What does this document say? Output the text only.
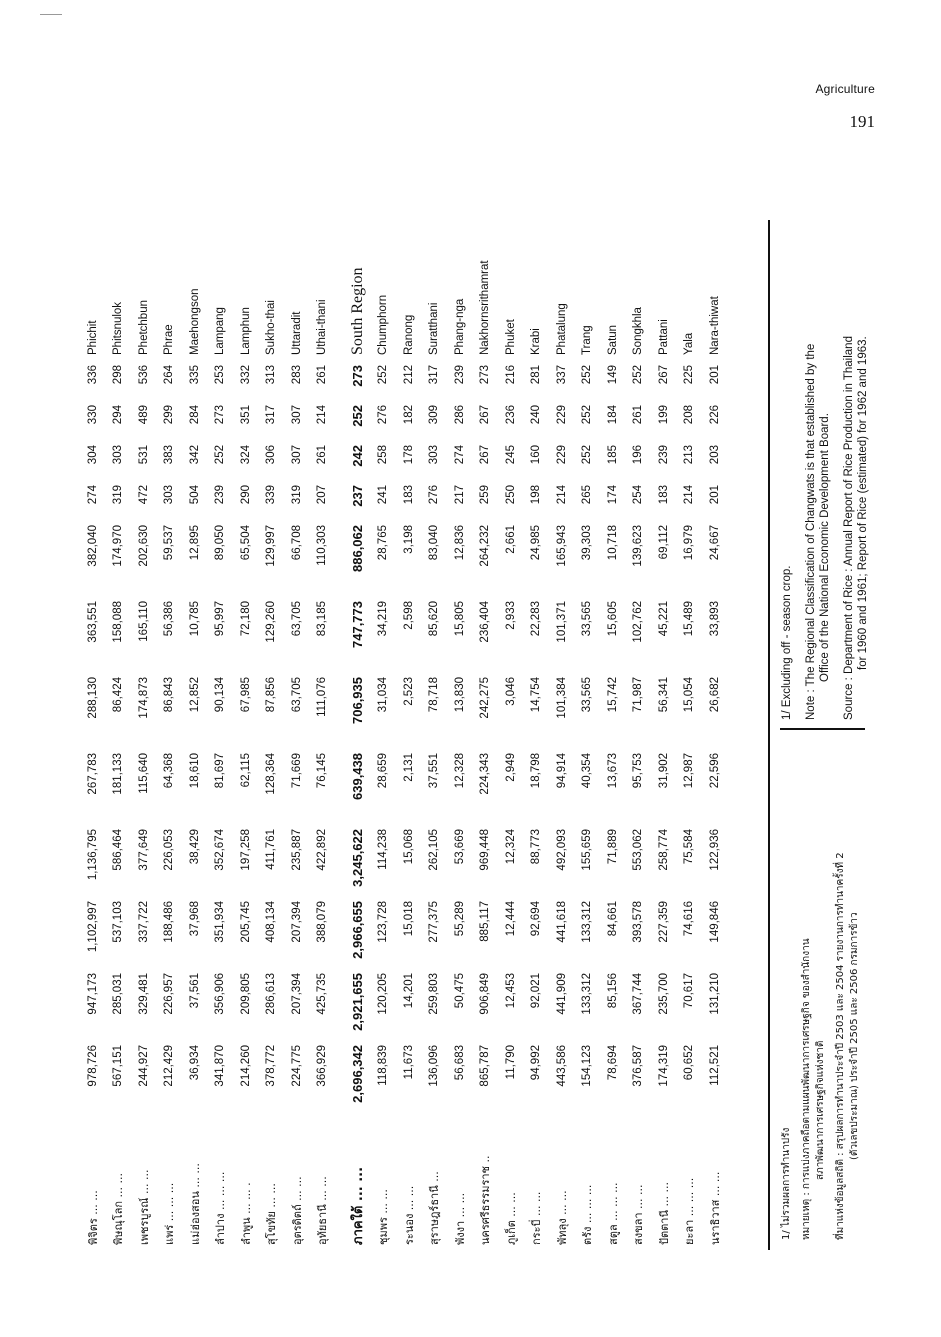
Agriculture
191
พิจิตร ... ...	978,726	947,173	1,102,997	1,136,795	267,783	288,130	363,551	382,040	274	304	330	336	Phichit
พิษณุโลก ... ...	567,151	285,031	537,103	586,464	181,133	86,424	158,088	174,970	319	303	294	298	Phitsnulok
เพชรบูรณ์ ... ...	244,927	329,481	337,722	377,649	115,640	174,873	165,110	202,630	472	531	489	536	Phetchbun
แพร่ ... ... ...	212,429	226,957	188,486	226,053	64,368	86,843	56,386	59,537	303	383	299	264	Phrae
แม่ฮ่องสอน ... ...	36,934	37,561	37,968	38,429	18,610	12,852	10,785	12,895	504	342	284	335	Maehongson
ลำปาง ... ... ...	341,870	356,906	351,934	352,674	81,697	90,134	95,997	89,050	239	252	273	253	Lampang
ลำพูน ... ... .	214,260	209,805	205,745	197,258	62,115	67,985	72,180	65,504	290	324	351	332	Lamphun
สุโขทัย ... ...	378,772	286,613	408,134	411,761	128,364	87,856	129,260	129,997	339	306	317	313	Sukho-thai
อุตรดิตถ์ ... ...	224,775	207,394	207,394	235,887	71,669	63,705	63,705	66,708	319	307	307	283	Uttaradit
อุทัยธานี ... ...	366,929	425,735	388,079	422,892	76,145	111,076	83,185	110,303	207	261	214	261	Uthai-thani

ภาคใต้ ... ...	2,696,342	2,921,655	2,966,655	3,245,622	639,438	706,935	747,773	886,062	237	242	252	273	South Region
ชุมพร ... ...	118,839	120,205	123,728	114,238	28,659	31,034	34,219	28,765	241	258	276	252	Chumphorn
ระนอง ... ...	11,673	14,201	15,018	15,068	2,131	2,523	2,598	3,198	183	178	182	212	Ranong
สุราษฎร์ธานี ...	136,096	259,803	277,375	262,105	37,551	78,718	85,620	83,040	276	303	309	317	Suratthani
พังงา ... ...	56,683	50,475	55,289	53,669	12,328	13,830	15,805	12,836	217	274	286	239	Phang-nga
นครศรีธรรมราช ..	865,787	906,849	885,117	969,448	224,343	242,275	236,404	264,232	259	267	267	273	Nakhornsrithamrat
ภูเก็ต ... ...	11,790	12,453	12,444	12,324	2,949	3,046	2,933	2,661	250	245	236	216	Phuket
กระบี่ ... ...	94,992	92,021	92,694	88,773	18,798	14,754	22,283	24,985	198	160	240	281	Krabi
พัทลุง ... ...	443,586	441,909	441,618	492,093	94,914	101,384	101,371	165,943	214	229	229	337	Phatalung
ตรัง ... ... ...	154,123	133,312	133,312	155,659	40,354	33,565	33,565	39,303	265	252	252	252	Trang
สตูล ... ... ...	78,694	85,156	84,661	71,889	13,673	15,742	15,605	10,718	174	185	184	149	Satun
สงขลา ... ...	376,587	367,744	393,578	553,062	95,753	71,987	102,762	139,623	254	196	261	252	Songkhla
ปัตตานี ... ...	174,319	235,700	227,359	258,774	31,902	56,341	45,221	69,112	183	239	199	267	Pattani
ยะลา ... ... ...	60,652	70,617	74,616	75,584	12,987	15,054	15,489	16,979	214	213	208	225	Yala
นราธิวาส ... ...	112,521	131,210	149,846	122,936	22,596	26,682	33,893	24,667	201	203	226	201	Nara-thiwat
1/ ไม่รวมผลการทำนาปรัง หมายเหตุ : การแบ่งภาคถือตามแผนพัฒนาการเศรษฐกิจ ของสำนักงาน สภาพัฒนาการเศรษฐกิจแห่งชาติ ที่มาแห่งข้อมูลสถิติ : สรุปผลการทำนาประจำปี 2503 และ 2504 รายงานการทำนาครั้งที่ 2 (ตัวเลขประมาณ) ประจำปี 2505 และ 2506 กรมการข้าว
1/ Excluding off - season crop. Note : The Regional Classification of Changwats is that established by the Office of the National Economic Development Board. Source : Department of Rice : Annual Report of Rice Production in Thailand for 1960 and 1961; Report of Rice (estimated) for 1962 and 1963.
